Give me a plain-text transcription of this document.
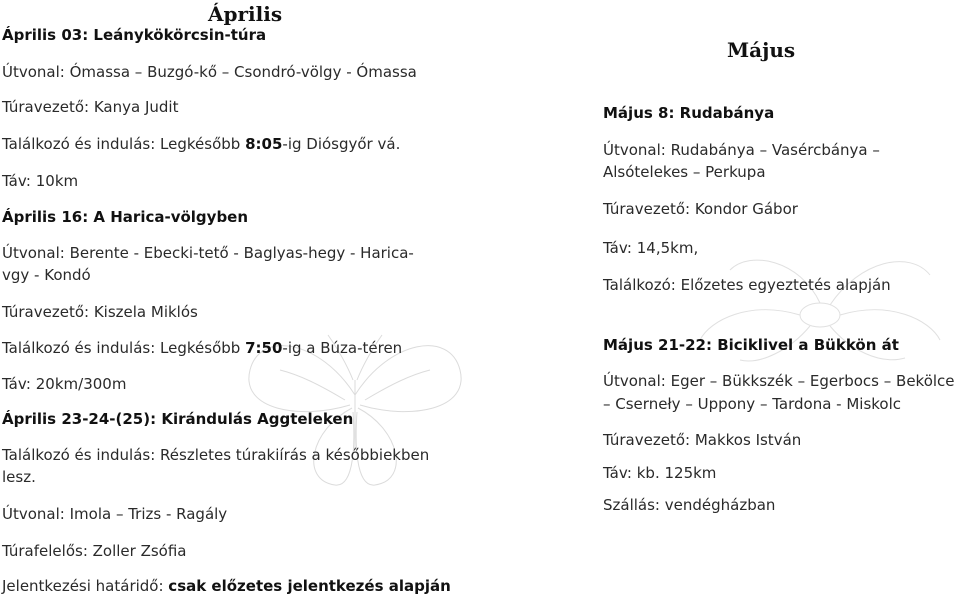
Április
Április 03: Leánykökörcsin-túra
Útvonal: Ómassa – Buzgó-kő – Csondró-völgy - Ómassa
Túravezető: Kanya Judit
Találkozó és indulás: Legkésőbb 8:05-ig Diósgyőr vá.
Táv: 10km
Április 16: A Harica-völgyben
Útvonal: Berente - Ebecki-tető - Baglyas-hegy - Harica-
vgy - Kondó
Túravezető: Kiszela Miklós
Találkozó és indulás: Legkésőbb 7:50-ig a Búza-téren
Táv: 20km/300m
Április 23-24-(25): Kirándulás Aggteleken
Találkozó és indulás: Részletes túrakiírás a későbbiekben
lesz.
Útvonal: Imola – Trizs - Ragály
Túrafelelős: Zoller Zsófia
Jelentkezési határidő: csak előzetes jelentkezés alapján
Május
Május 8: Rudabánya
Útvonal: Rudabánya – Vasércbánya –
Alsótelekes – Perkupa
Túravezető: Kondor Gábor
Táv: 14,5km,
Találkozó: Előzetes egyeztetés alapján
Május 21-22: Biciklivel a Bükkön át
Útvonal: Eger – Bükkszék – Egerbocs – Bekölce
– Cserneły – Uppony – Tardona - Miskolc
Túravezető: Makkos István
Táv: kb. 125km
Szállás: vendégházban
